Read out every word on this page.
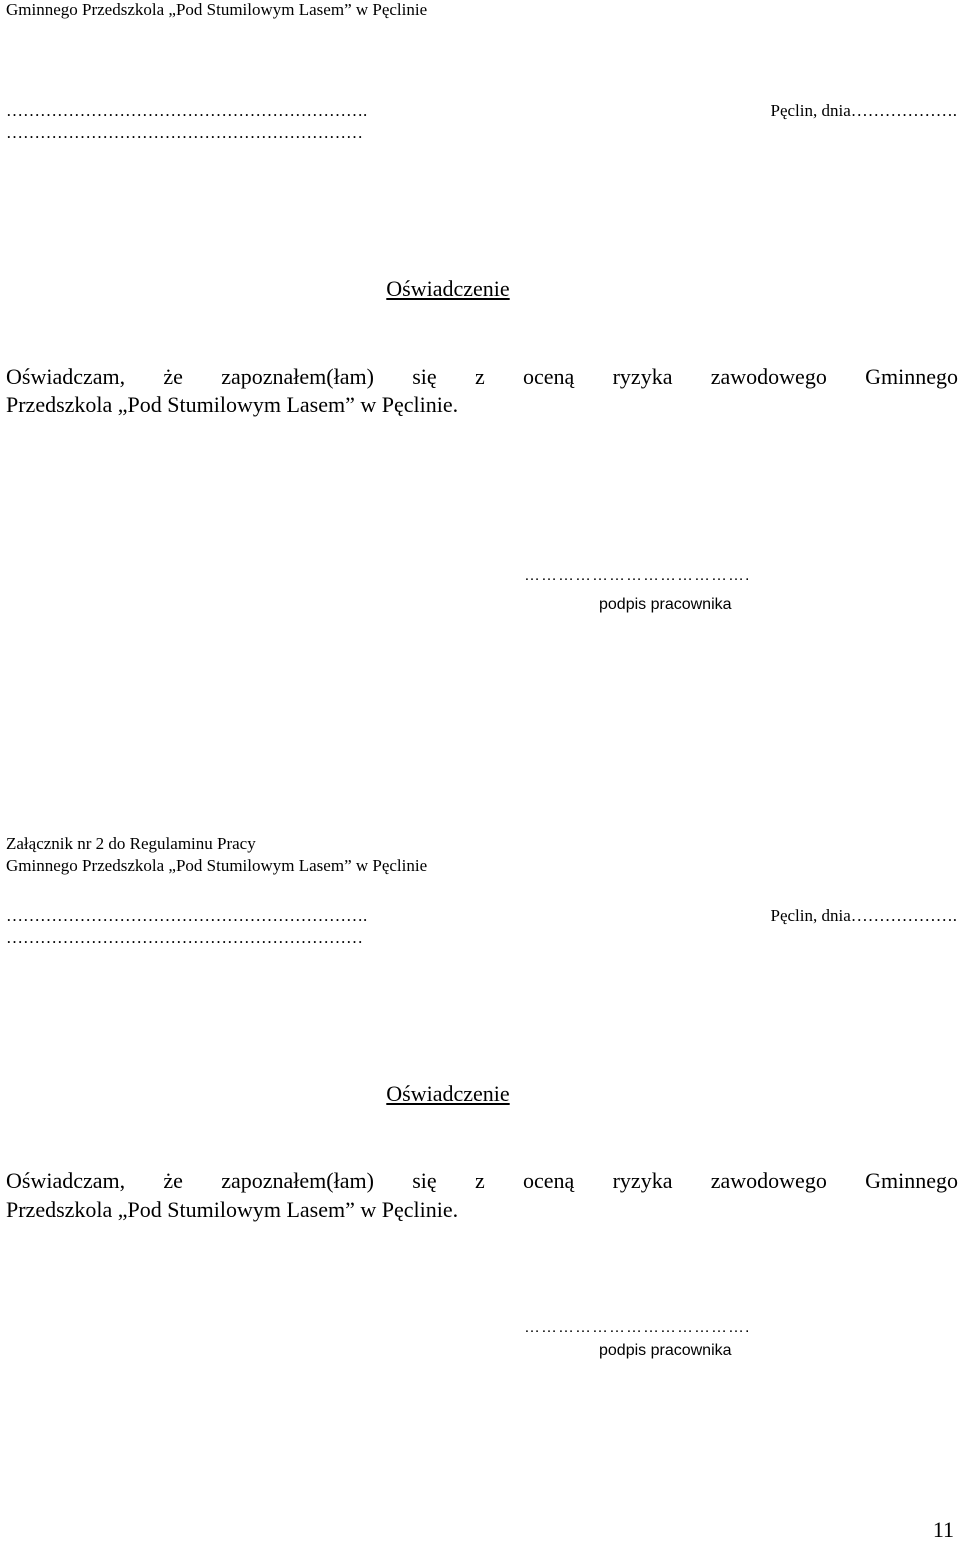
Gminnego Przedszkola „Pod Stumilowym Lasem” w Pęclinie
……………………………………………………….
………………………………………………………
Pęclin, dnia……………….
Oświadczenie
Oświadczam, że zapoznałem(łam) się z oceną ryzyka zawodowego Gminnego
Przedszkola „Pod Stumilowym Lasem” w Pęclinie.
………………………………….
podpis pracownika
Załącznik nr 2 do Regulaminu Pracy
Gminnego Przedszkola „Pod Stumilowym Lasem” w Pęclinie
……………………………………………………….
………………………………………………………
Pęclin, dnia……………….
Oświadczenie
Oświadczam, że zapoznałem(łam) się z oceną ryzyka zawodowego Gminnego
Przedszkola „Pod Stumilowym Lasem” w Pęclinie.
………………………………….
podpis pracownika
11
